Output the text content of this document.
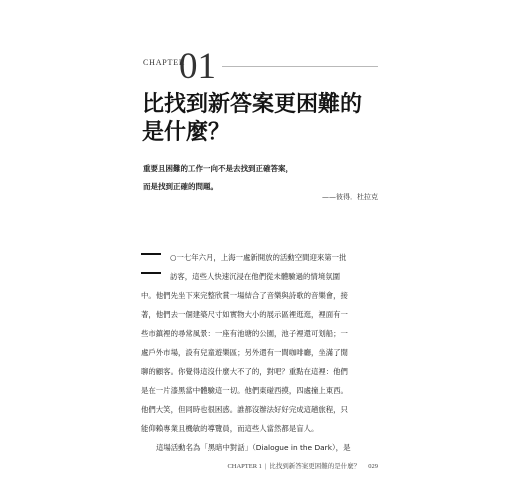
CHAPTER
01
比找到新答案更困難的
是什麼？
重要且困難的工作一向不是去找到正確答案，
而是找到正確的問題。
——彼得．杜拉克
○一七年六月，上海一處新開放的活動空間迎來第一批
訪客，這些人快速沉浸在他們從未體驗過的情境氛圍
中。他們先坐下來完整欣賞一場結合了音樂與詩歌的音樂會，接
著，他們去一個建築尺寸如實物大小的展示區裡逛逛，裡面有一
些市鎮裡的尋常風景：一座有池塘的公園，池子裡還可划船；一
處戶外市場，設有兒童遊樂區；另外還有一間咖啡廳，坐滿了閒
聊的顧客。你覺得這沒什麼大不了的，對吧？重點在這裡：他們
是在一片漆黑當中體驗這一切。他們東碰西摸，四處撞上東西。
他們大笑，但同時也很困惑。誰都沒辦法好好完成這趟旅程，只
能仰賴專業且機敏的導覽員，而這些人當然都是盲人。
這場活動名為「黑暗中對話」（Dialogue in the Dark），是
CHAPTER 1 | 比找到新答案更困難的是什麼？ 029
